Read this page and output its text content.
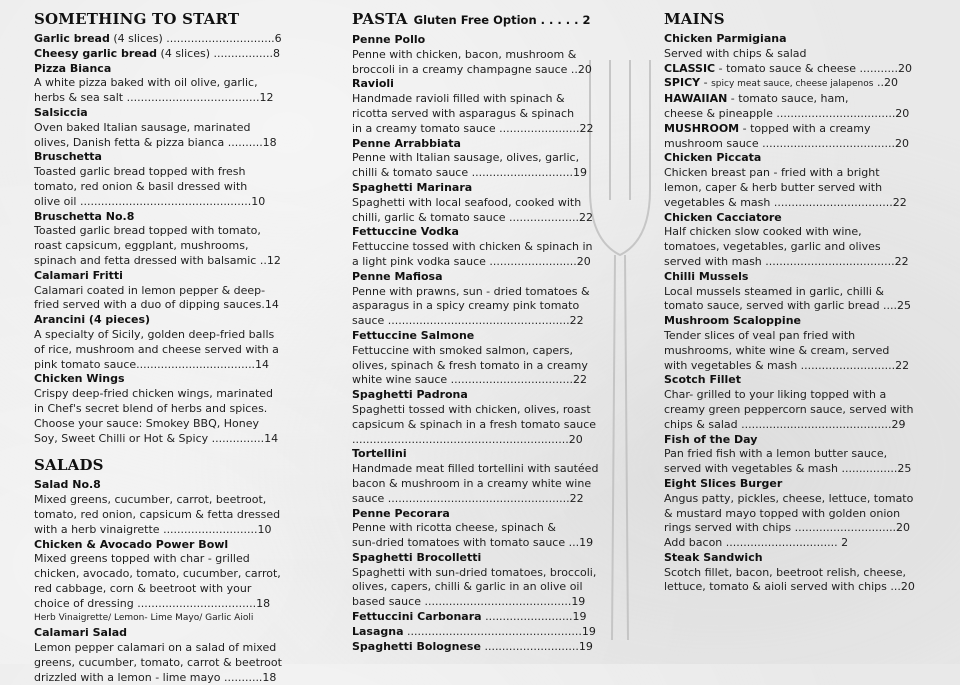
SOMETHING TO START
Garlic bread (4 slices) ...............................6
Cheesy garlic bread (4 slices) .................8
Pizza Bianca
A white pizza baked with oil olive, garlic,
herbs & sea salt ......................................12
Salsiccia
Oven baked Italian sausage, marinated
olives, Danish fetta & pizza bianca ..........18
Bruschetta
Toasted garlic bread topped with fresh
tomato, red onion & basil dressed with
olive oil .................................................10
Bruschetta No.8
Toasted garlic bread topped with tomato,
roast capsicum, eggplant, mushrooms,
spinach and fetta dressed with balsamic ..12
Calamari Fritti
Calamari coated in lemon pepper & deep-
fried served with a duo of dipping sauces.14
Arancini (4 pieces)
A specialty of Sicily, golden deep-fried balls
of rice, mushroom and cheese served with a
pink tomato sauce..................................14
Chicken Wings
Crispy deep-fried chicken wings, marinated
in Chef's secret blend of herbs and spices.
Choose your sauce: Smokey BBQ, Honey
Soy, Sweet Chilli or Hot & Spicy ...............14
SALADS
Salad No.8
Mixed greens, cucumber, carrot, beetroot,
tomato, red onion, capsicum & fetta dressed
with a herb vinaigrette ...........................10
Chicken & Avocado Power Bowl
Mixed greens topped with char - grilled
chicken, avocado, tomato, cucumber, carrot,
red cabbage, corn & beetroot with your
choice of dressing ..................................18
Herb Vinaigrette/ Lemon- Lime Mayo/ Garlic Aioli
Calamari Salad
Lemon pepper calamari on a salad of mixed
greens, cucumber, tomato, carrot & beetroot
drizzled with a lemon - lime mayo ...........18
PASTA Gluten Free Option . . . . . 2
Penne Pollo
Penne with chicken, bacon, mushroom &
broccoli in a creamy champagne sauce ..20
Ravioli
Handmade ravioli filled with spinach &
ricotta served with asparagus & spinach
in a creamy tomato sauce .......................22
Penne Arrabbiata
Penne with Italian sausage, olives, garlic,
chilli & tomato sauce .............................19
Spaghetti Marinara
Spaghetti with local seafood, cooked with
chilli, garlic & tomato sauce ....................22
Fettuccine Vodka
Fettuccine tossed with chicken & spinach in
a light pink vodka sauce .........................20
Penne Mafiosa
Penne with prawns, sun - dried tomatoes &
asparagus in a spicy creamy pink tomato
sauce ....................................................22
Fettuccine Salmone
Fettuccine with smoked salmon, capers,
olives, spinach & fresh tomato in a creamy
white wine sauce ...................................22
Spaghetti Padrona
Spaghetti tossed with chicken, olives, roast
capsicum & spinach in a fresh tomato sauce
..............................................................20
Tortellini
Handmade meat filled tortellini with sautéed
bacon & mushroom in a creamy white wine
sauce ....................................................22
Penne Pecorara
Penne with ricotta cheese, spinach &
sun-dried tomatoes with tomato sauce ...19
Spaghetti Brocolletti
Spaghetti with sun-dried tomatoes, broccoli,
olives, capers, chilli & garlic in an olive oil
based sauce ..........................................19
Fettuccini Carbonara .........................19
Lasagna ..................................................19
Spaghetti Bolognese ...........................19
MAINS
Chicken Parmigiana
Served with chips & salad
CLASSIC - tomato sauce & cheese ...........20
SPICY - spicy meat sauce, cheese jalapenos ..20
HAWAIIAN - tomato sauce, ham,
cheese & pineapple ..................................20
MUSHROOM - topped with a creamy
mushroom sauce ......................................20
Chicken Piccata
Chicken breast pan - fried with a bright
lemon, caper & herb butter served with
vegetables & mash ..................................22
Chicken Cacciatore
Half chicken slow cooked with wine,
tomatoes, vegetables, garlic and olives
served with mash .....................................22
Chilli Mussels
Local mussels steamed in garlic, chilli &
tomato sauce, served with garlic bread ....25
Mushroom Scaloppine
Tender slices of veal pan fried with
mushrooms, white wine & cream, served
with vegetables & mash ...........................22
Scotch Fillet
Char- grilled to your liking topped with a
creamy green peppercorn sauce, served with
chips & salad ...........................................29
Fish of the Day
Pan fried fish with a lemon butter sauce,
served with vegetables & mash ................25
Eight Slices Burger
Angus patty, pickles, cheese, lettuce, tomato
& mustard mayo topped with golden onion
rings served with chips .............................20
Add bacon ................................ 2
Steak Sandwich
Scotch fillet, bacon, beetroot relish, cheese,
lettuce, tomato & aioli served with chips ...20
